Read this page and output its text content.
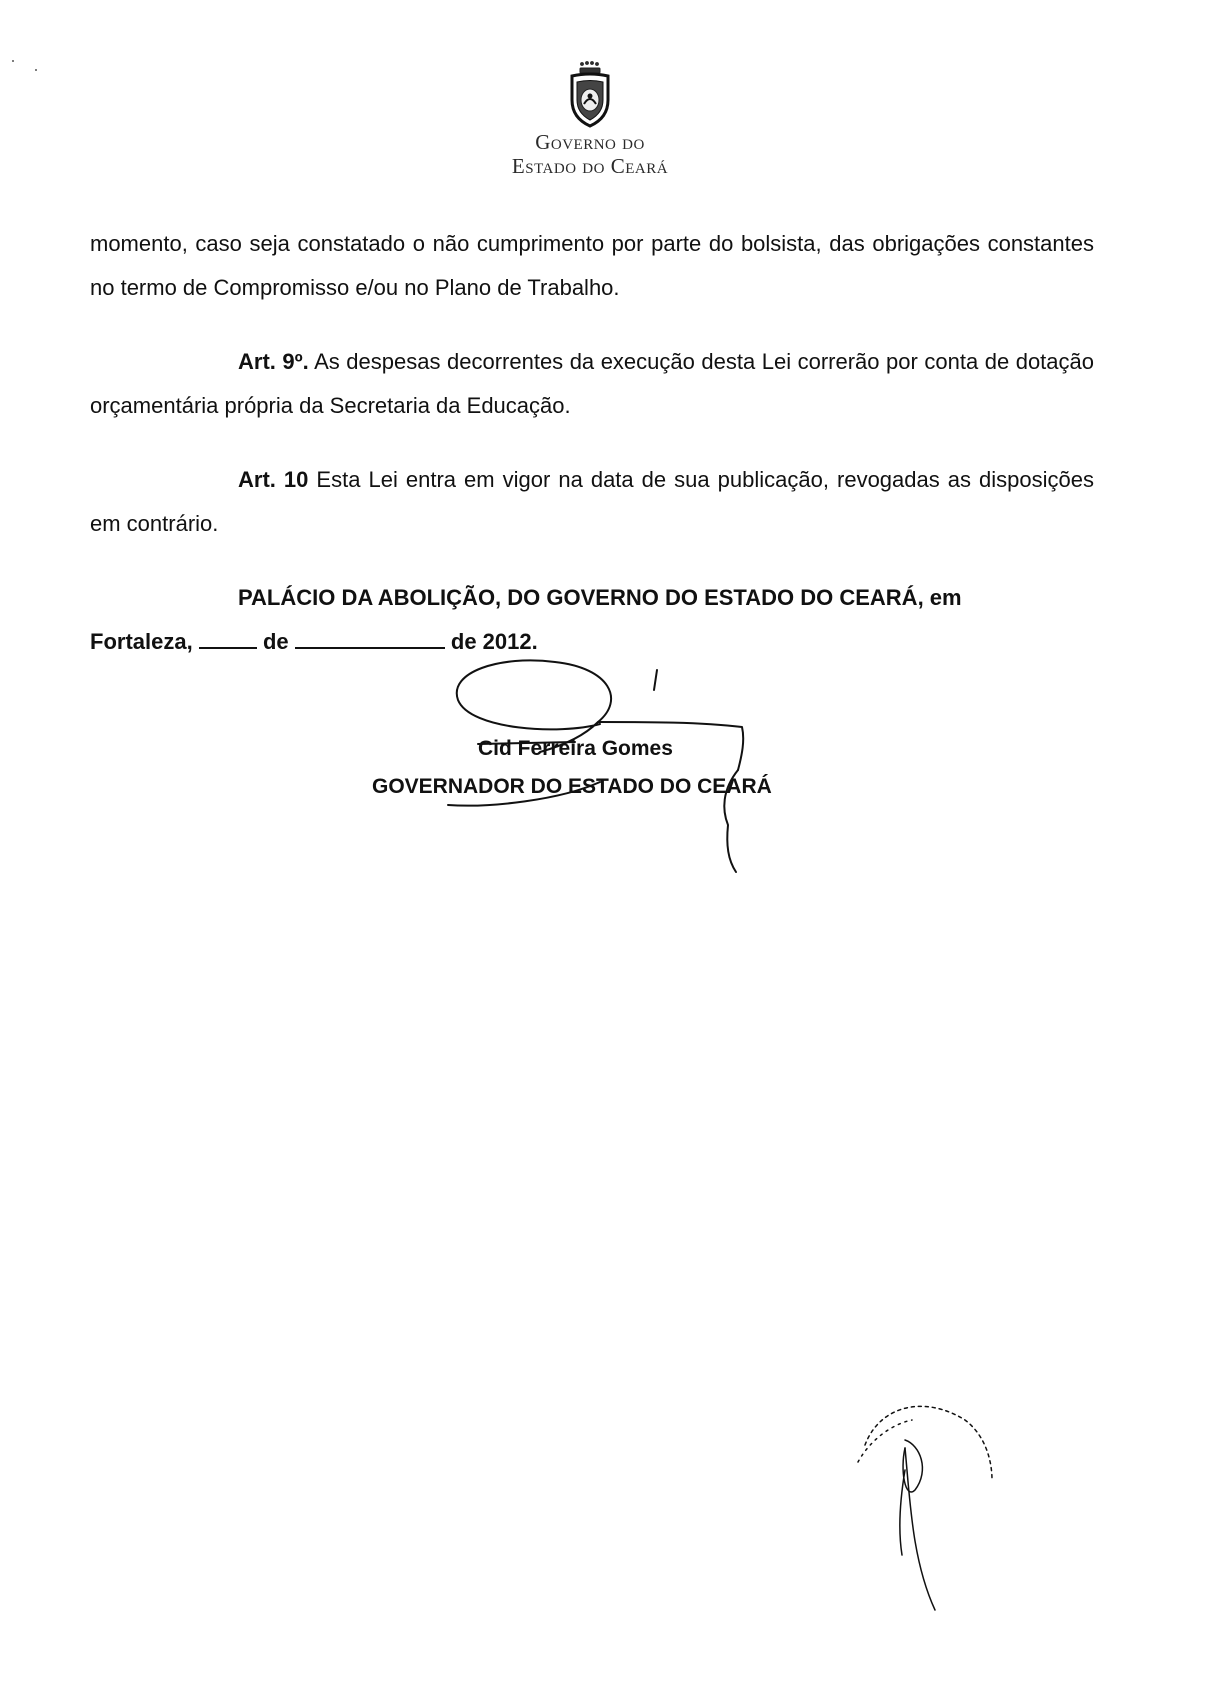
Governo do
Estado do Ceará
momento, caso seja constatado o não cumprimento por parte do bolsista, das obrigações constantes no termo de Compromisso e/ou no Plano de Trabalho.
Art. 9º. As despesas decorrentes da execução desta Lei correrão por conta de dotação orçamentária própria da Secretaria da Educação.
Art. 10 Esta Lei entra em vigor na data de sua publicação, revogadas as disposições em contrário.
PALÁCIO DA ABOLIÇÃO, DO GOVERNO DO ESTADO DO CEARÁ, em
Fortaleza,	de	de 2012.
Cid Ferreira Gomes
GOVERNADOR DO ESTADO DO CEARÁ
